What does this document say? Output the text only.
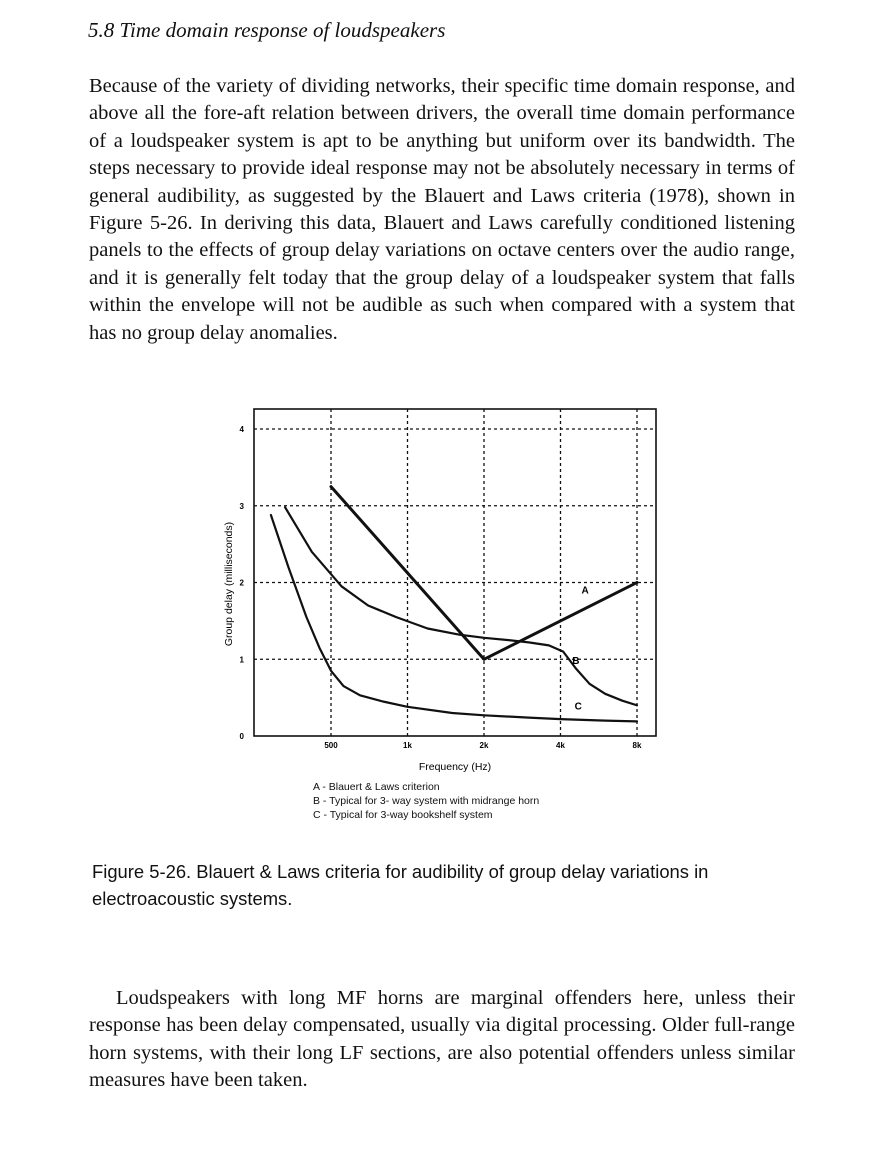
5.8 Time domain response of loudspeakers

Because of the variety of dividing networks, their specific time domain response, and above all the fore-aft relation between drivers, the overall time domain performance of a loudspeaker system is apt to be anything but uniform over its bandwidth. The steps necessary to provide ideal response may not be absolutely necessary in terms of general audibility, as suggested by the Blauert and Laws criteria (1978), shown in Figure 5-26. In deriving this data, Blauert and Laws carefully conditioned listening panels to the effects of group delay variations on octave centers over the audio range, and it is generally felt today that the group delay of a loudspeaker system that falls within the envelope will not be audible as such when compared with a system that has no group delay anomalies.

500	1k	2k	4k	8k
0
1
2
3
4
A
B
C
Frequency (Hz)
Group delay (milliseconds)

A - Blauert & Laws criterion

B - Typical for 3- way system with midrange horn

C - Typical for 3-way bookshelf system

Figure 5-26. Blauert & Laws criteria for audibility of group delay variations in electroacoustic systems.

Loudspeakers with long MF horns are marginal offenders here, unless their response has been delay compensated, usually via digital processing. Older full-range horn systems, with their long LF sections, are also potential offenders unless similar measures have been taken.
